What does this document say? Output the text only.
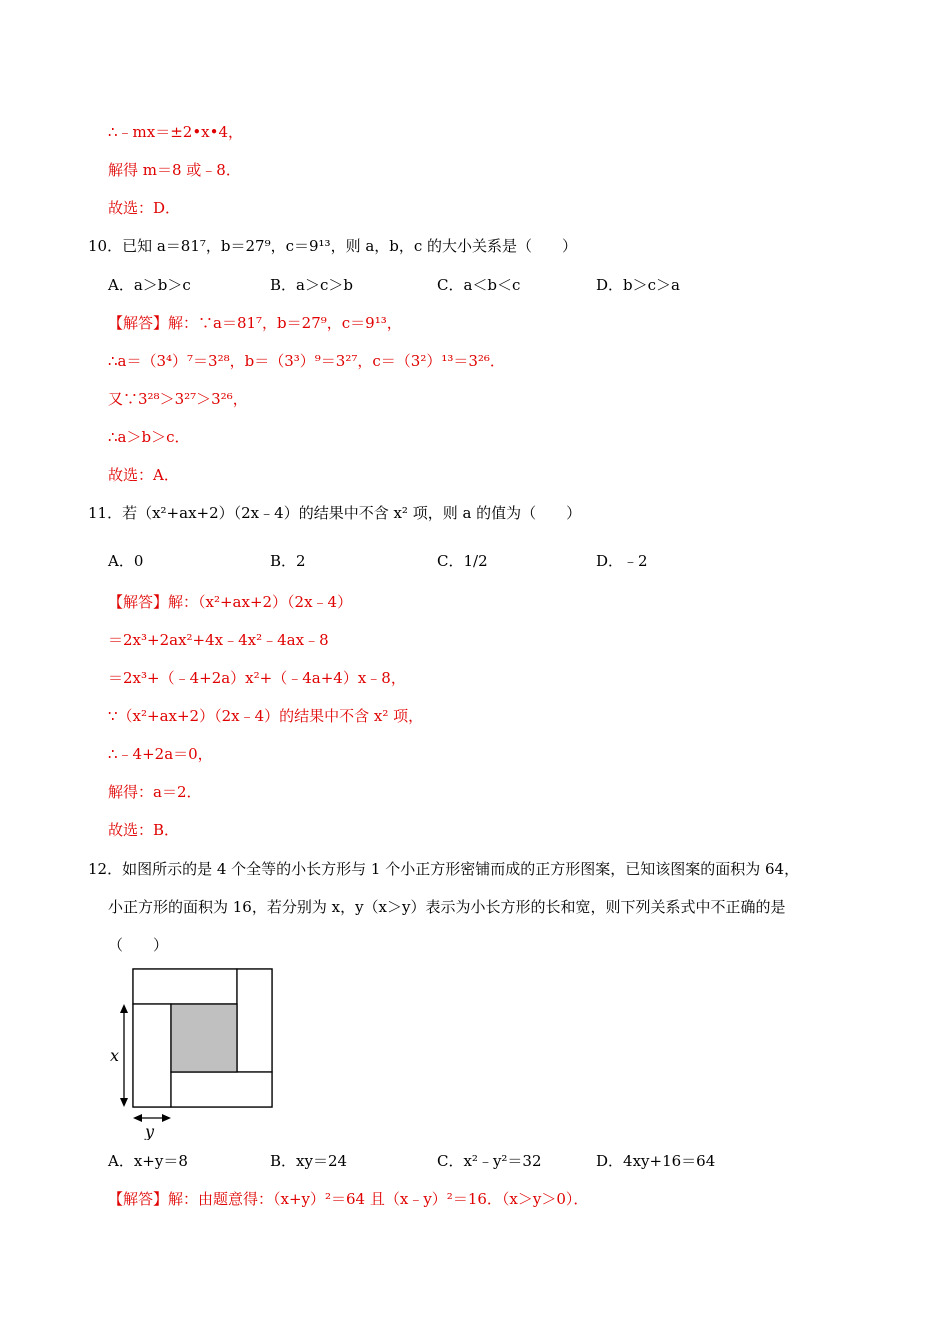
∴﹣mx＝±2•x•4，
解得 m＝8 或﹣8．
故选：D．
10．已知 a＝81⁷，b＝27⁹，c＝9¹³，则 a，b，c 的大小关系是（　　）
A．a＞b＞c	B．a＞c＞b	C．a＜b＜c	D．b＞c＞a
【解答】解：∵a＝81⁷，b＝27⁹，c＝9¹³，
∴a＝（3⁴）⁷＝3²⁸，b＝（3³）⁹＝3²⁷，c＝（3²）¹³＝3²⁶．
又∵3²⁸＞3²⁷＞3²⁶，
∴a＞b＞c．
故选：A．
11．若（x²+ax+2）（2x﹣4）的结果中不含 x² 项，则 a 的值为（　　）
A．0	B．2	C．1/2	D．﹣2
【解答】解：（x²+ax+2）（2x﹣4）
＝2x³+2ax²+4x﹣4x²﹣4ax﹣8
＝2x³+（﹣4+2a）x²+（﹣4a+4）x﹣8，
∵（x²+ax+2）（2x﹣4）的结果中不含 x² 项，
∴﹣4+2a＝0，
解得：a＝2．
故选：B．
12．如图所示的是 4 个全等的小长方形与 1 个小正方形密铺而成的正方形图案，已知该图案的面积为 64，
小正方形的面积为 16，若分别为 x，y（x＞y）表示为小长方形的长和宽，则下列关系式中不正确的是
（　　）
x
y
A．x+y＝8	B．xy＝24	C．x²﹣y²＝32	D．4xy+16＝64
【解答】解：由题意得：（x+y）²＝64 且（x﹣y）²＝16．（x＞y＞0）．
